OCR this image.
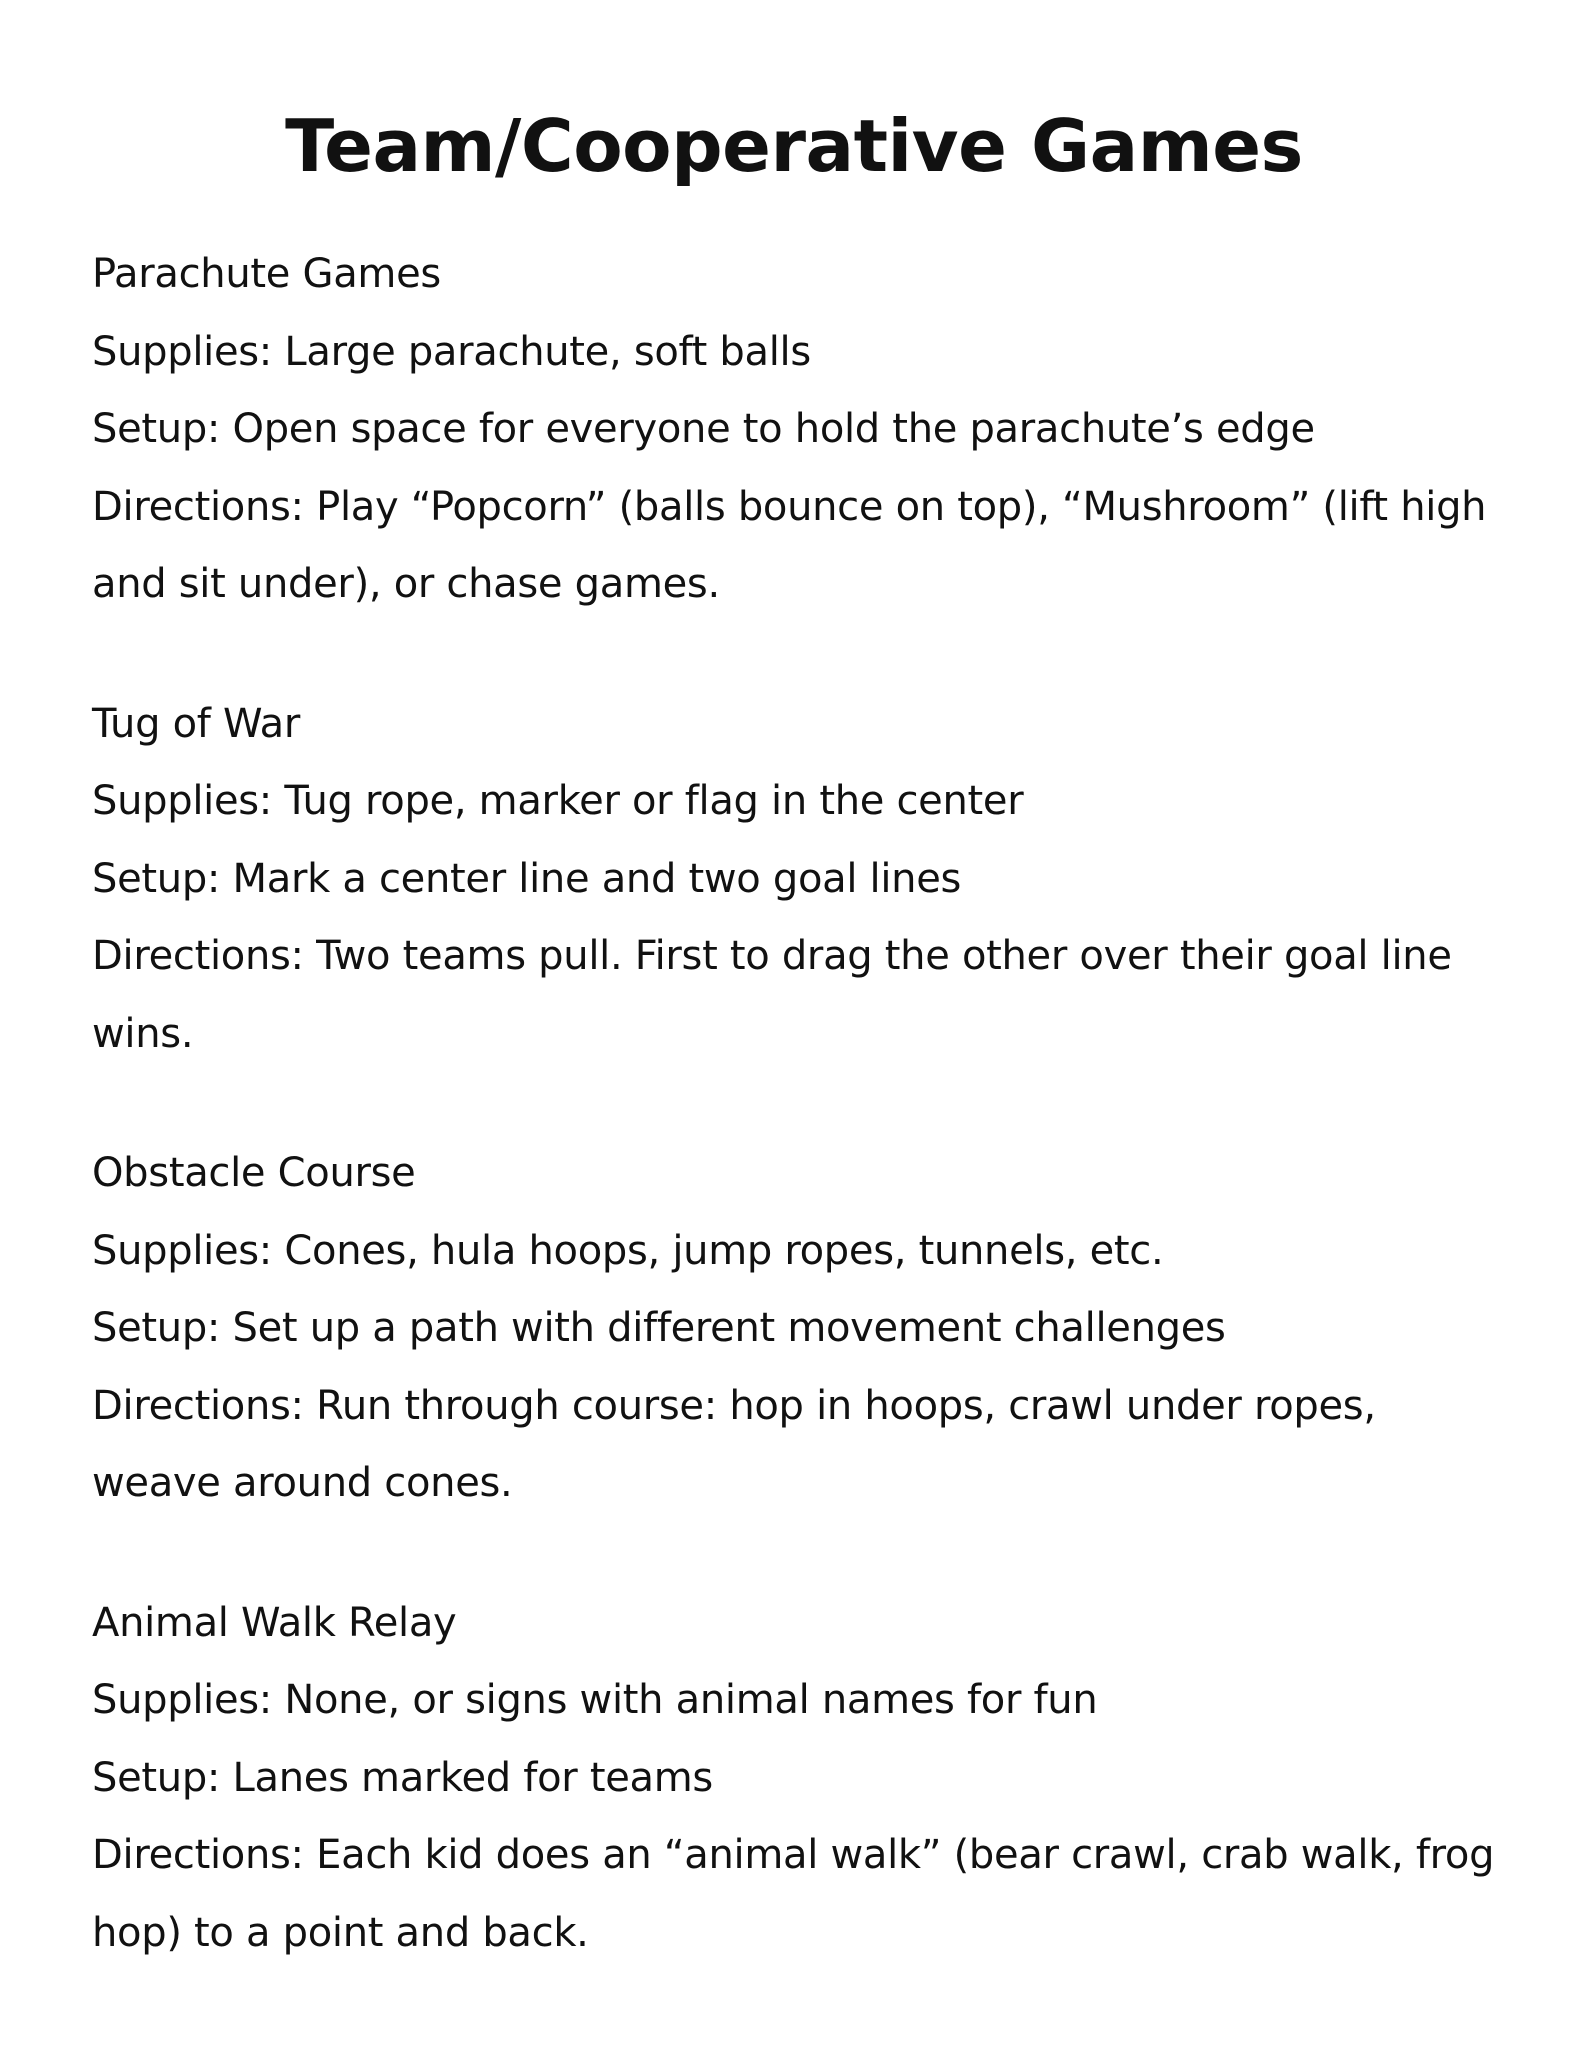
Team/Cooperative Games

Parachute Games

Supplies: Large parachute, soft balls

Setup: Open space for everyone to hold the parachute’s edge

Directions: Play “Popcorn” (balls bounce on top), “Mushroom” (lift high and sit under), or chase games.

Tug of War

Supplies: Tug rope, marker or flag in the center

Setup: Mark a center line and two goal lines

Directions: Two teams pull. First to drag the other over their goal line wins.

Obstacle Course

Supplies: Cones, hula hoops, jump ropes, tunnels, etc.

Setup: Set up a path with different movement challenges

Directions: Run through course: hop in hoops, crawl under ropes, weave around cones.

Animal Walk Relay

Supplies: None, or signs with animal names for fun

Setup: Lanes marked for teams

Directions: Each kid does an “animal walk” (bear crawl, crab walk, frog hop) to a point and back.
